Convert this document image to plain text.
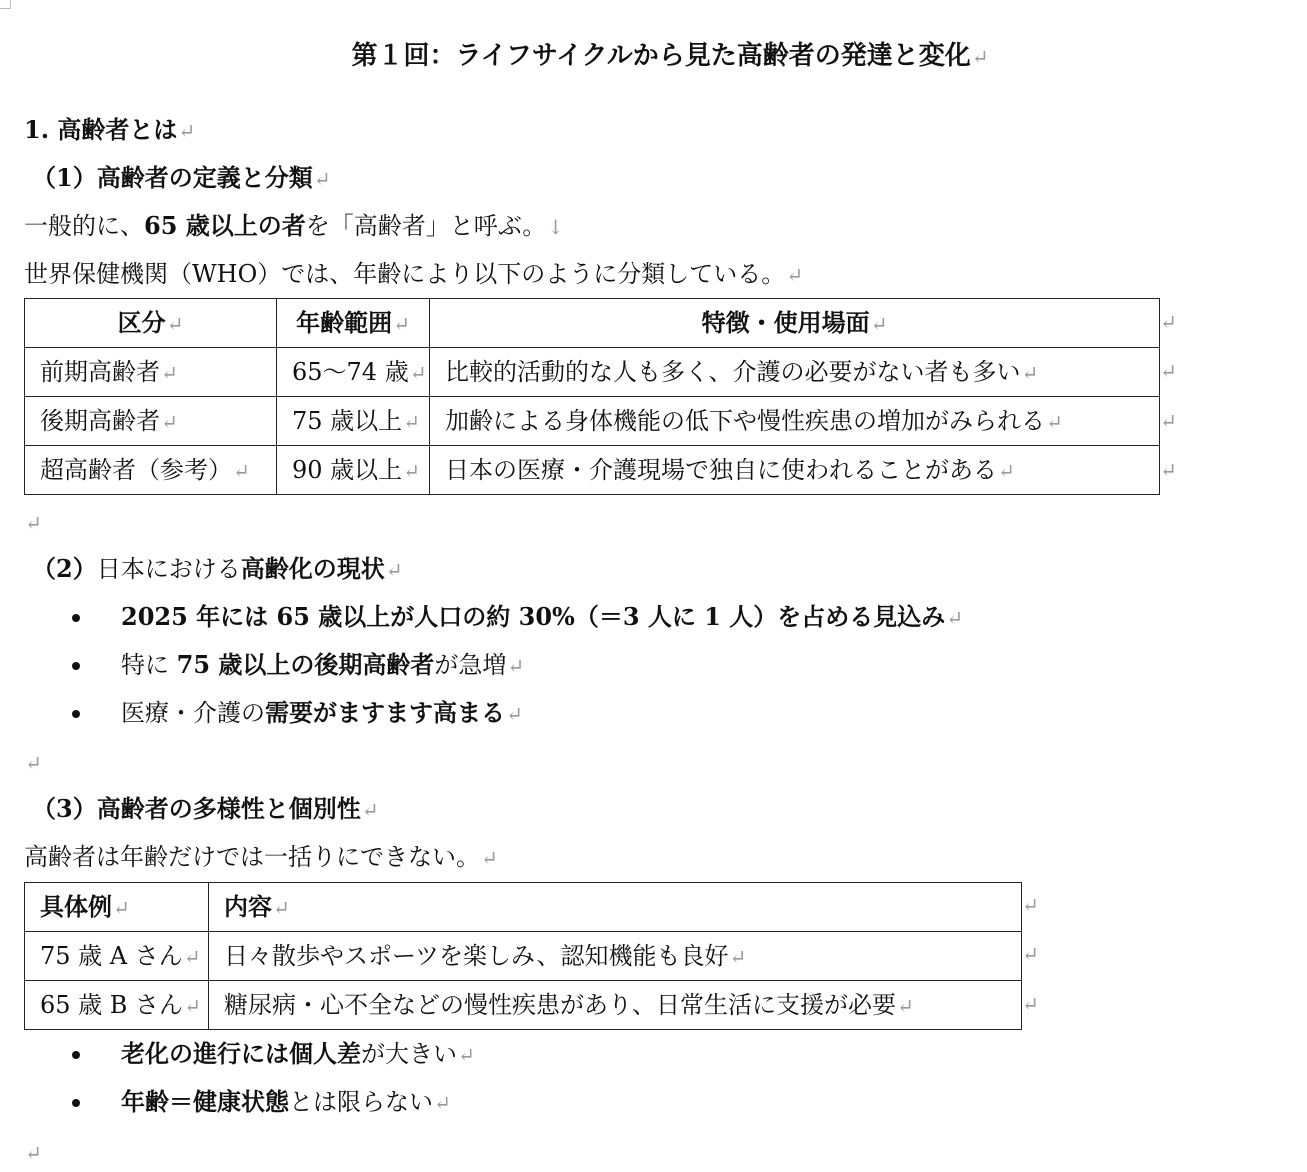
第１回：ライフサイクルから見た高齢者の発達と変化↵
1. 高齢者とは↵
（1）高齢者の定義と分類↵
一般的に、65 歳以上の者を「高齢者」と呼ぶ。↓
世界保健機関（WHO）では、年齢により以下のように分類している。↵
区分↵	年齢範囲↵	特徴・使用場面↵
前期高齢者↵	65～74 歳↵	比較的活動的な人も多く、介護の必要がない者も多い↵
後期高齢者↵	75 歳以上↵	加齢による身体機能の低下や慢性疾患の増加がみられる↵
超高齢者（参考）↵	90 歳以上↵	日本の医療・介護現場で独自に使われることがある↵
↵
↵
↵
↵
↵
（2）日本における高齢化の現状↵
2025 年には 65 歳以上が人口の約 30%（＝3 人に 1 人）を占める見込み↵
特に 75 歳以上の後期高齢者が急増↵
医療・介護の需要がますます高まる↵
↵
（3）高齢者の多様性と個別性↵
高齢者は年齢だけでは一括りにできない。↵
具体例↵	内容↵
75 歳 A さん↵	日々散歩やスポーツを楽しみ、認知機能も良好↵
65 歳 B さん↵	糖尿病・心不全などの慢性疾患があり、日常生活に支援が必要↵
↵
↵
↵
老化の進行には個人差が大きい↵
年齢＝健康状態とは限らない↵
↵
